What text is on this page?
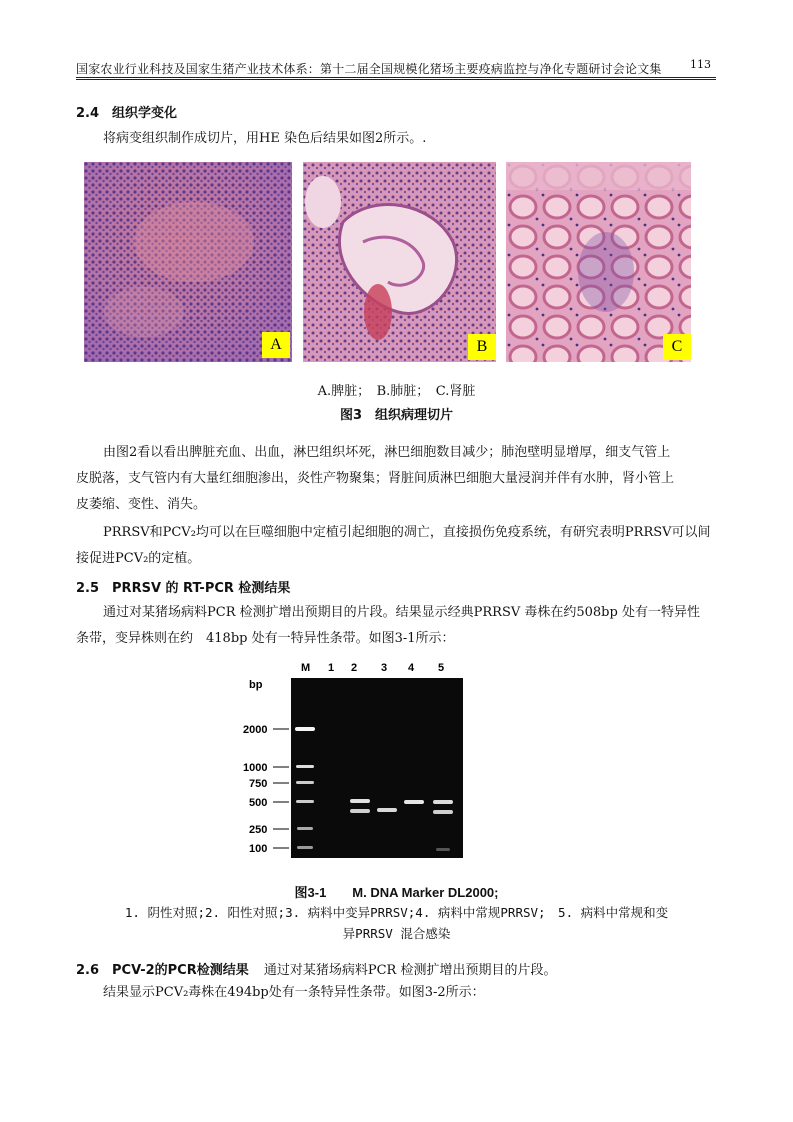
国家农业行业科技及国家生猪产业技术体系：第十二届全国规模化猪场主要疫病监控与净化专题研讨会论文集	113
2.4　组织学变化
将病变组织制作成切片，用HE 染色后结果如图2所示。.
A	B	C
A.脾脏；　B.肺脏；　C.肾脏
图3　组织病理切片
由图2看以看出脾脏充血、出血，淋巴组织坏死，淋巴细胞数目减少；肺泡壁明显增厚，细支气管上
皮脱落，支气管内有大量红细胞渗出，炎性产物聚集；肾脏间质淋巴细胞大量浸润并伴有水肿，肾小管上
皮萎缩、变性、消失。
PRRSV和PCV₂均可以在巨噬细胞中定植引起细胞的凋亡，直接损伤免疫系统，有研究表明PRRSV可以间
接促进PCV₂的定植。
2.5　PRRSV 的 RT-PCR 检测结果
通过对某猪场病料PCR 检测扩增出预期目的片段。结果显示经典PRRSV 毒株在约508bp 处有一特异性
条带，变异株则在约　418bp 处有一特异性条带。如图3-1所示：
M 1 2 3 4 5
bp
2000
1000
750
500
250
100
图3-1　　M. DNA Marker DL2000;
1. 阴性对照;2. 阳性对照;3. 病料中变异PRRSV;4. 病料中常规PRRSV;　5. 病料中常规和变
异PRRSV 混合感染
2.6　PCV-2的PCR检测结果 通过对某猪场病料PCR 检测扩增出预期目的片段。
结果显示PCV₂毒株在494bp处有一条特异性条带。如图3-2所示：
